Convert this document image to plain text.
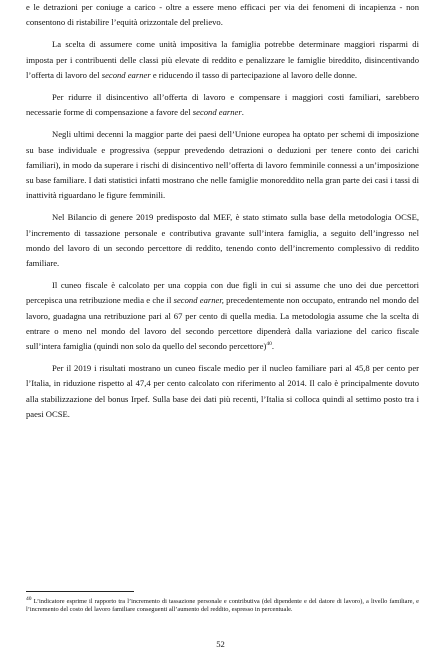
e le detrazioni per coniuge a carico - oltre a essere meno efficaci per via dei fenomeni di incapienza - non consentono di ristabilire l’equità orizzontale del prelievo.

La scelta di assumere come unità impositiva la famiglia potrebbe determinare maggiori risparmi di imposta per i contribuenti delle classi più elevate di reddito e penalizzare le famiglie bireddito, disincentivando l’offerta di lavoro del second earner e riducendo il tasso di partecipazione al lavoro delle donne.

Per ridurre il disincentivo all’offerta di lavoro e compensare i maggiori costi familiari, sarebbero necessarie forme di compensazione a favore del second earner.

Negli ultimi decenni la maggior parte dei paesi dell’Unione europea ha optato per schemi di imposizione su base individuale e progressiva (seppur prevedendo detrazioni o deduzioni per tenere conto dei carichi familiari), in modo da superare i rischi di disincentivo nell’offerta di lavoro femminile connessi a un’imposizione su base familiare. I dati statistici infatti mostrano che nelle famiglie monoreddito nella gran parte dei casi i tassi di inattività riguardano le figure femminili.

Nel Bilancio di genere 2019 predisposto dal MEF, è stato stimato sulla base della metodologia OCSE, l’incremento di tassazione personale e contributiva gravante sull’intera famiglia, a seguito dell’ingresso nel mondo del lavoro di un secondo percettore di reddito, tenendo conto dell’incremento complessivo di reddito familiare.

Il cuneo fiscale è calcolato per una coppia con due figli in cui si assume che uno dei due percettori percepisca una retribuzione media e che il second earner, precedentemente non occupato, entrando nel mondo del lavoro, guadagna una retribuzione pari al 67 per cento di quella media. La metodologia assume che la scelta di entrare o meno nel mondo del lavoro del secondo percettore dipenderà dalla variazione del carico fiscale sull’intera famiglia (quindi non solo da quello del secondo percettore)$^{40}$.

Per il 2019 i risultati mostrano un cuneo fiscale medio per il nucleo familiare pari al 45,8 per cento per l’Italia, in riduzione rispetto al 47,4 per cento calcolato con riferimento al 2014. Il calo è principalmente dovuto alla stabilizzazione del bonus Irpef. Sulla base dei dati più recenti, l’Italia si colloca quindi al settimo posto tra i paesi OCSE.

$^{40}$ L’indicatore esprime il rapporto tra l’incremento di tassazione personale e contributiva (del dipendente e del datore di lavoro), a livello familiare, e l’incremento del costo del lavoro familiare conseguenti all’aumento del reddito, espresso in percentuale.

52
